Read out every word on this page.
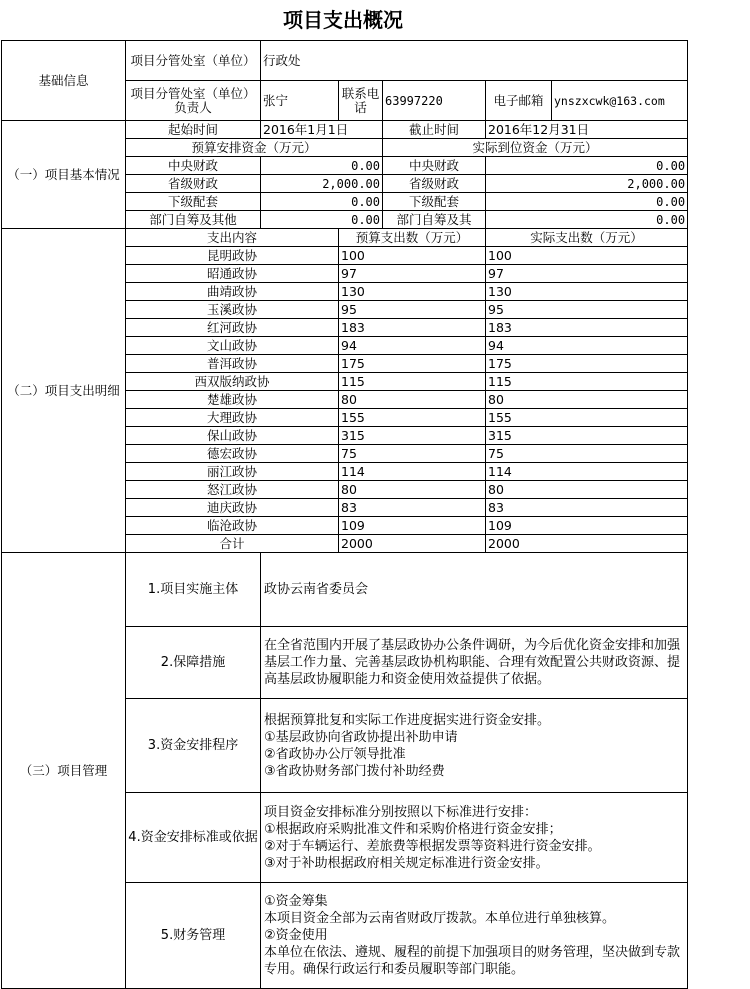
项目支出概况
基础信息	项目分管处室（单位）	行政处				
	项目分管处室（单位）负责人	张宁	联系电话	63997220	电子邮箱	ynszxcwk@163.com
（一）项目基本情况	起始时间	2016年1月1日		截止时间	2016年12月31日	
	预算安排资金（万元）			实际到位资金（万元）		
	中央财政	0.00		中央财政	0.00	
	省级财政	2,000.00		省级财政	2,000.00	
	下级配套	0.00		下级配套	0.00	
	部门自筹及其他	0.00		部门自筹及其	0.00	
（二）项目支出明细	支出内容		预算支出数（万元）		实际支出数（万元）	
	昆明政协		100		100	
	昭通政协		97		97	
	曲靖政协		130		130	
	玉溪政协		95		95	
	红河政协		183		183	
	文山政协		94		94	
	普洱政协		175		175	
	西双版纳政协		115		115	
	楚雄政协		80		80	
	大理政协		155		155	
	保山政协		315		315	
	德宏政协		75		75	
	丽江政协		114		114	
	怒江政协		80		80	
	迪庆政协		83		83	
	临沧政协		109		109	
	合计		2000		2000	
（三）项目管理	1.项目实施主体	政协云南省委员会				

	2.保障措施	在全省范围内开展了基层政协办公条件调研，为今后优化资金安排和加强基层工作力量、完善基层政协机构职能、合理有效配置公共财政资源、提高基层政协履职能力和资金使用效益提供了依据。				

	3.资金安排程序	根据预算批复和实际工作进度据实进行资金安排。
①基层政协向省政协提出补助申请
②省政协办公厅领导批准
③省政协财务部门拨付补助经费				

	4.资金安排标准或依据	项目资金安排标准分别按照以下标准进行安排：
①根据政府采购批准文件和采购价格进行资金安排；
②对于车辆运行、差旅费等根据发票等资料进行资金安排。
③对于补助根据政府相关规定标准进行资金安排。				

	5.财务管理	①资金筹集
本项目资金全部为云南省财政厅拨款。本单位进行单独核算。
②资金使用
本单位在依法、遵规、履程的前提下加强项目的财务管理，坚决做到专款专用。确保行政运行和委员履职等部门职能。				
